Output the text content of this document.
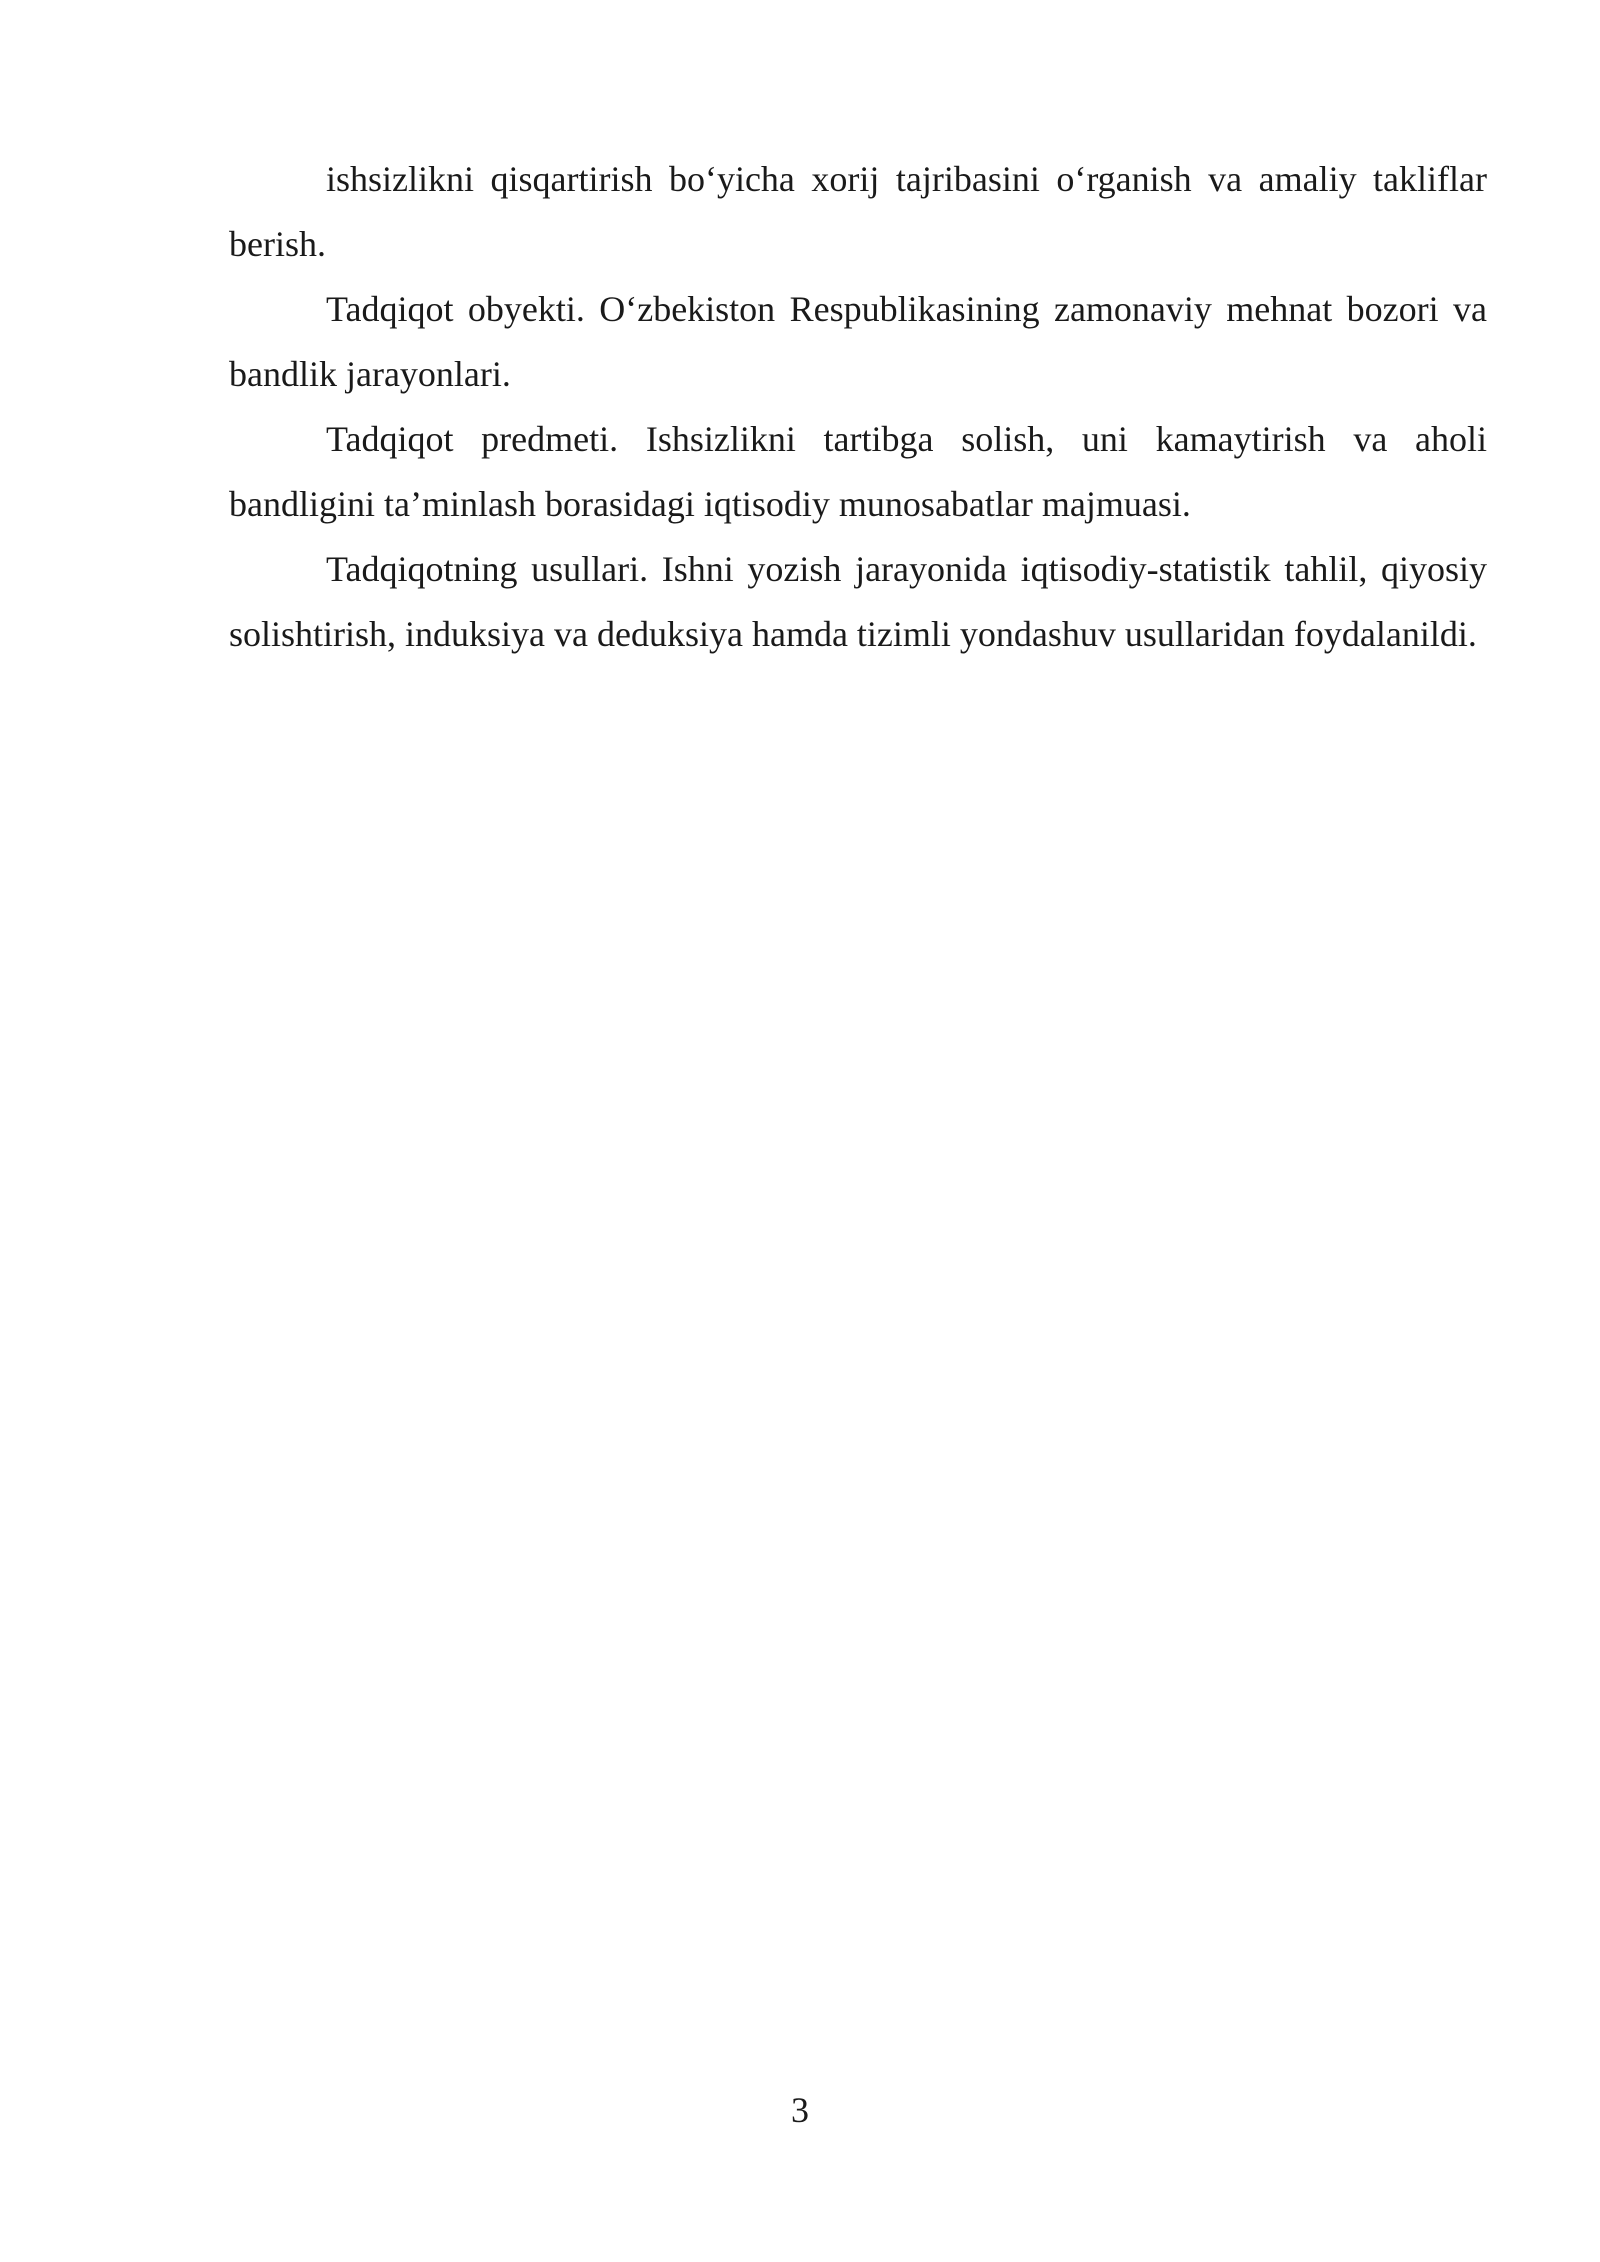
ishsizlikni qisqartirish bo‘yicha xorij tajribasini o‘rganish va amaliy takliflar berish.

Tadqiqot obyekti. O‘zbekiston Respublikasining zamonaviy mehnat bozori va bandlik jarayonlari.

Tadqiqot predmeti. Ishsizlikni tartibga solish, uni kamaytirish va aholi bandligini ta’minlash borasidagi iqtisodiy munosabatlar majmuasi.

Tadqiqotning usullari. Ishni yozish jarayonida iqtisodiy-statistik tahlil, qiyosiy solishtirish, induksiya va deduksiya hamda tizimli yondashuv usullaridan foydalanildi.

3
